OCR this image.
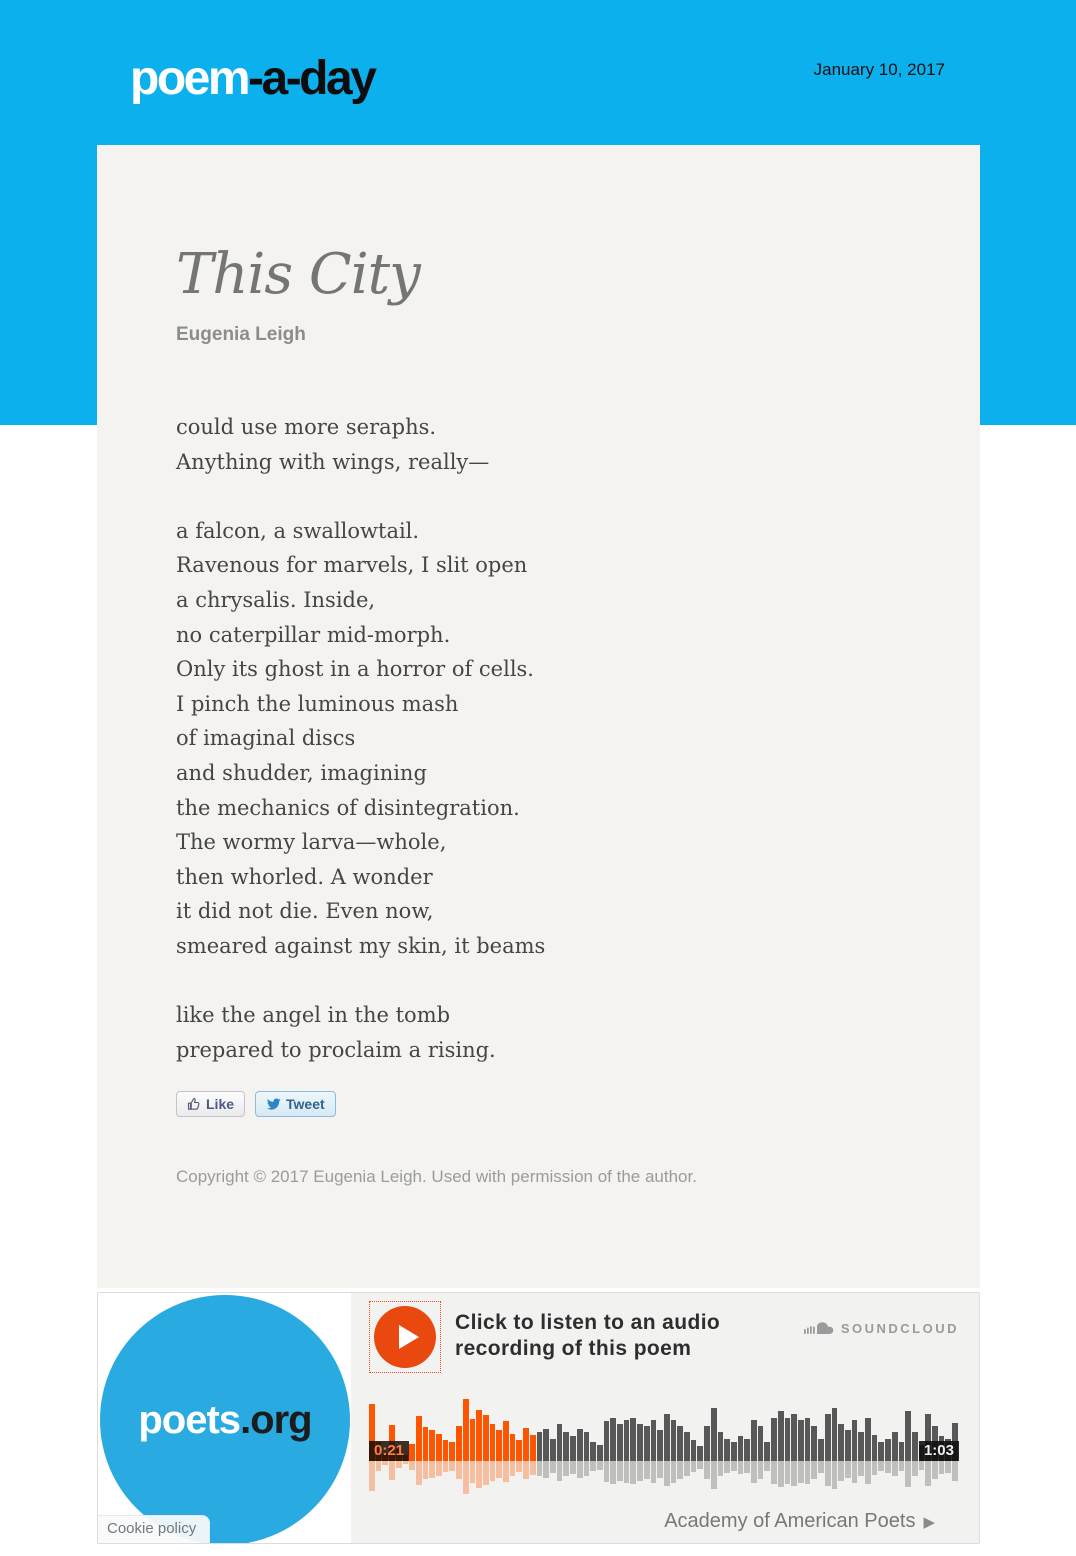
poem-a-day	January 10, 2017
This City
Eugenia Leigh
could use more seraphs.
Anything with wings, really—
a falcon, a swallowtail.
Ravenous for marvels, I slit open
a chrysalis. Inside,
no caterpillar mid-morph.
Only its ghost in a horror of cells.
I pinch the luminous mash
of imaginal discs
and shudder, imagining
the mechanics of disintegration.
The wormy larva—whole,
then whorled. A wonder
it did not die. Even now,
smeared against my skin, it beams
like the angel in the tomb
prepared to proclaim a rising.
Like	Tweet
Copyright © 2017 Eugenia Leigh. Used with permission of the author.
poets.org
Cookie policy
Click to listen to an audio recording of this poem
SOUNDCLOUD
0:21	1:03
Academy of American Poets ▶
